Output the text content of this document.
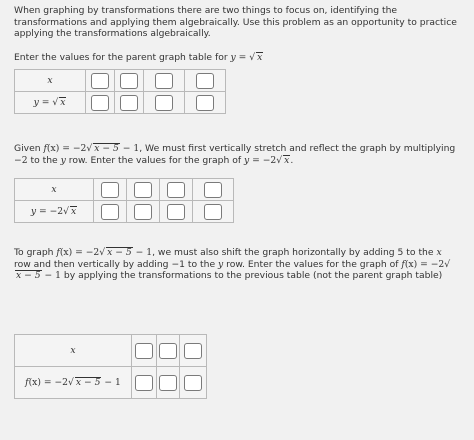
When graphing by transformations there are two things to focus on, identifying the transformations and applying them algebraically. Use this problem as an opportunity to practice applying the transformations algebraically.

Enter the values for the parent graph table for y = √ x

x				
y = √ x				

Given f(x) = −2√ x − 5 − 1, We must first vertically stretch and reflect the graph by multiplying −2 to the y row. Enter the values for the graph of y = −2√ x.

x				
y = −2√ x				

To graph f(x) = −2√ x − 5 − 1, we must also shift the graph horizontally by adding 5 to the x row and then vertically by adding −1 to the y row. Enter the values for the graph of f(x) = −2√x − 5 − 1 by applying the transformations to the previous table (not the parent graph table)

x			
f(x) = −2√ x − 5 − 1			
